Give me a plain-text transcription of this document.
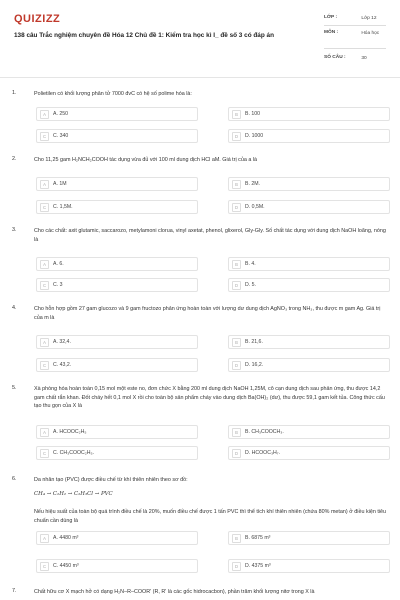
QUIZIZZ
138 câu Trắc nghiệm chuyên đề Hóa 12 Chủ đề 1: Kiểm tra học kì I_ đề số 3 có đáp án
LỚP :	Lớp 12
MÔN :	Hóa học
SỐ CÂU :	30
1.	Polietilen có khối lượng phân tử 7000 đvC có hệ số polime hóa là:
A	A. 250	B	B. 100
C	C. 340	D	D. 1000
2.	Cho 11,25 gam H₂NCH₂COOH tác dụng vừa đủ với 100 ml dung dịch HCl aM. Giá trị của a là
A	A. 1M	B	B. 2M.
C	C. 1,5M.	D	D. 0,5M.
3.	Cho các chất: axit glutamic, saccarozo, metylamoni clorua, vinyl axetat, phenol, glixerol, Gly-Gly. Số chất tác dụng với dung dịch NaOH loãng, nóng là
A	A. 6.	B	B. 4.
C	C. 3	D	D. 5.
4.	Cho hỗn hợp gồm 27 gam glucozo và 9 gam fructozo phản ứng hoàn toàn với lượng dư dung dịch AgNO₃ trong NH₃, thu được m gam Ag. Giá trị của m là
A	A. 32,4.	B	B. 21,6.
C	C. 43,2.	D	D. 16,2.
5.	Xà phòng hóa hoàn toàn 0,15 mol một este no, đơn chức X bằng 200 ml dung dịch NaOH 1,25M, cô cạn dung dịch sau phản ứng, thu được 14,2 gam chất rắn khan. Đốt cháy hết 0,1 mol X rồi cho toàn bộ sản phẩm cháy vào dung dịch Ba(OH)₂ (dư), thu được 59,1 gam kết tủa. Công thức cấu tạo thu gọn của X là
A	A. HCOOC₂H₅	B	B. CH₃COOCH₃.
C	C. CH₃COOC₂H₅.	D	D. HCOOC₃H₇.
6.	Da nhân tạo (PVC) được điều chế từ khí thiên nhiên theo sơ đồ:
CH₄ → C₂H₂ → C₂H₃Cl → PVC
Nếu hiệu suất của toàn bộ quá trình điều chế là 20%, muốn điều chế được 1 tấn PVC thì thể tích khí thiên nhiên (chứa 80% metan) ở điều kiện tiêu chuẩn cần dùng là
A	A. 4480 m³	B	B. 6875 m³
C	C. 4450 m³	D	D. 4375 m³
7.	Chất hữu cơ X mạch hở có dạng H₂N–R–COOR' (R, R' là các gốc hidrocacbon), phần trăm khối lượng nitơ trong X là
